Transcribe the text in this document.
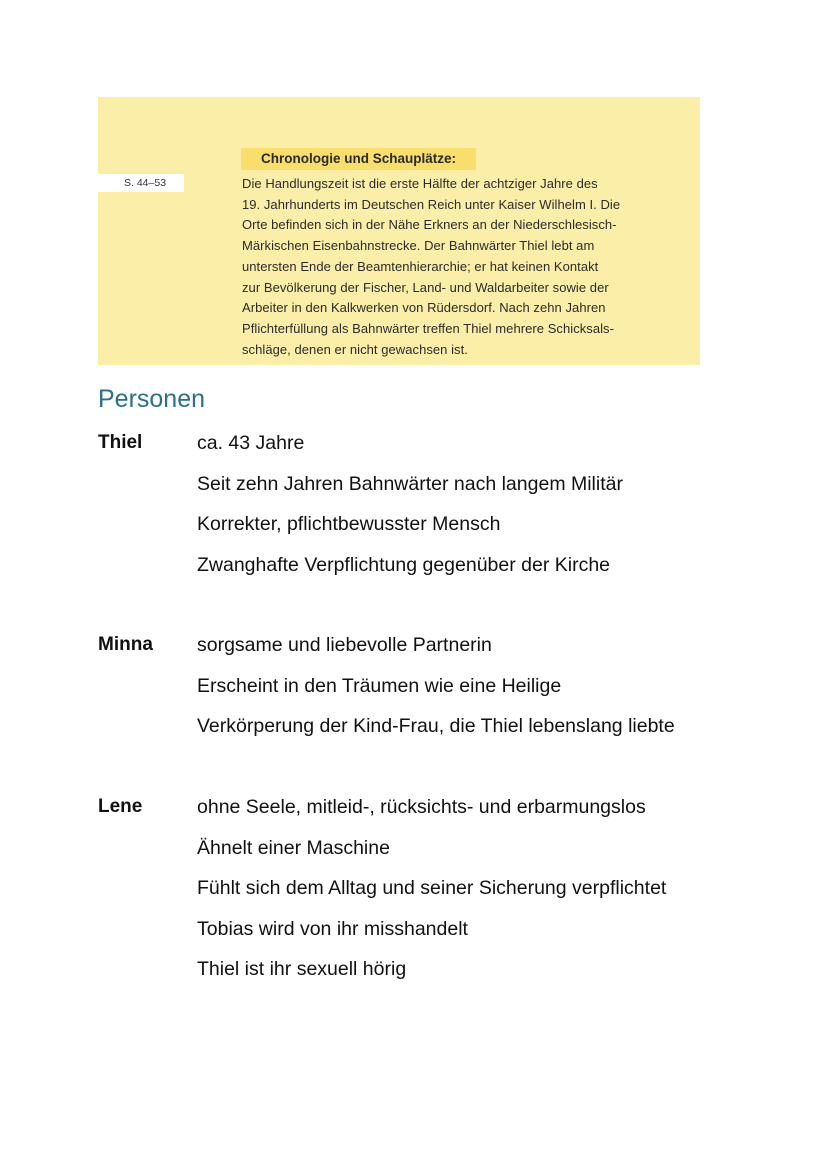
S. 44–53
Chronologie und Schauplätze:
Die Handlungszeit ist die erste Hälfte der achtziger Jahre des
19. Jahrhunderts im Deutschen Reich unter Kaiser Wilhelm I. Die
Orte befinden sich in der Nähe Erkners an der Niederschlesisch-
Märkischen Eisenbahnstrecke. Der Bahnwärter Thiel lebt am
untersten Ende der Beamtenhierarchie; er hat keinen Kontakt
zur Bevölkerung der Fischer, Land- und Waldarbeiter sowie der
Arbeiter in den Kalkwerken von Rüdersdorf. Nach zehn Jahren
Pflichterfüllung als Bahnwärter treffen Thiel mehrere Schicksals-
schläge, denen er nicht gewachsen ist.
Personen
Thiel	ca. 43 Jahre
Seit zehn Jahren Bahnwärter nach langem Militär
Korrekter, pflichtbewusster Mensch
Zwanghafte Verpflichtung gegenüber der Kirche
Minna sorgsame und liebevolle Partnerin
Erscheint in den Träumen wie eine Heilige
Verkörperung der Kind-Frau, die Thiel lebenslang liebte
Lene	ohne Seele, mitleid-, rücksichts- und erbarmungslos
Ähnelt einer Maschine
Fühlt sich dem Alltag und seiner Sicherung verpflichtet
Tobias wird von ihr misshandelt
Thiel ist ihr sexuell hörig
